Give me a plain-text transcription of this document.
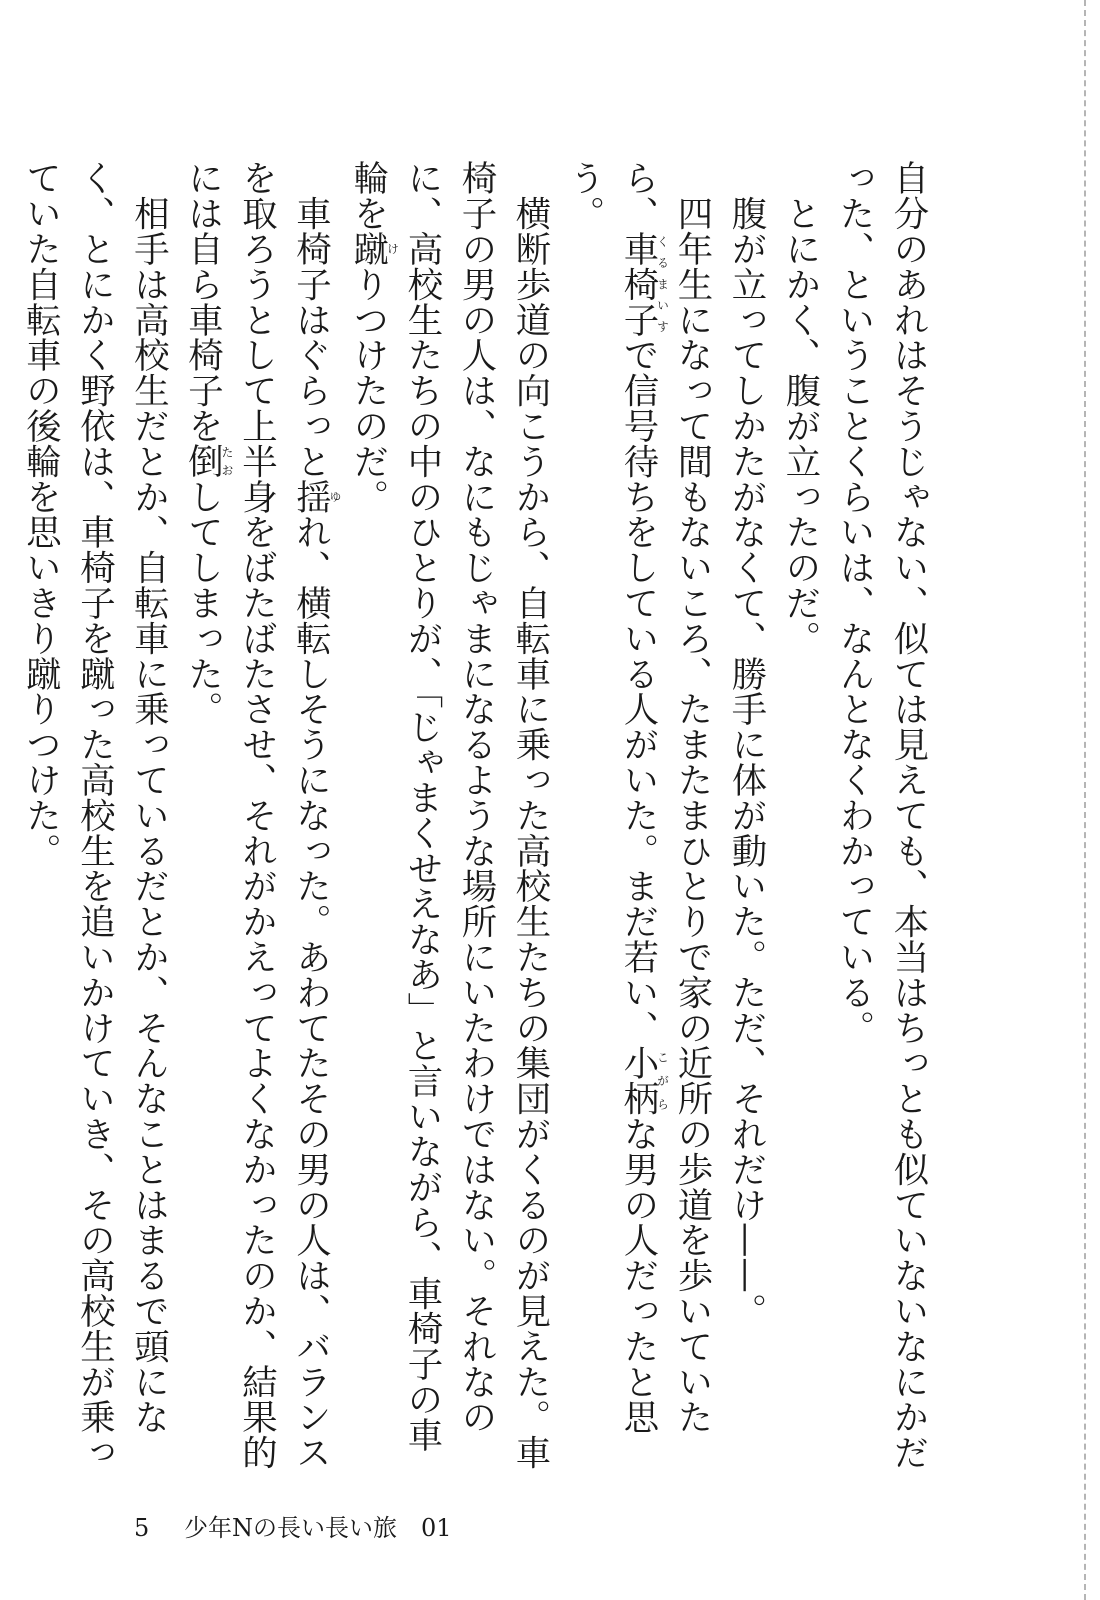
自分のあれはそうじゃない、似ては見えても、本当はちっとも似ていないなにかだった、ということくらいは、なんとなくわかっている。

　とにかく、腹が立ったのだ。

　腹が立ってしかたがなくて、勝手に体が動いた。ただ、それだけ——。

　四年生になって間もないころ、たまたまひとりで家の近所の歩道を歩いていたら、車椅子くるまいすで信号待ちをしている人がいた。まだ若い、小柄こがらな男の人だったと思う。

　横断歩道の向こうから、自転車に乗った高校生たちの集団がくるのが見えた。車椅子の男の人は、なにもじゃまになるような場所にいたわけではない。それなのに、高校生たちの中のひとりが、「じゃまくせえなあ」と言いながら、車椅子の車輪を蹴けりつけたのだ。

　車椅子はぐらっと揺ゆれ、横転しそうになった。あわてたその男の人は、バランスを取ろうとして上半身をばたばたさせ、それがかえってよくなかったのか、結果的には自ら車椅子を倒たおしてしまった。

　相手は高校生だとか、自転車に乗っているだとか、そんなことはまるで頭になく、とにかく野依は、車椅子を蹴った高校生を追いかけていき、その高校生が乗っていた自転車の後輪を思いきり蹴りつけた。

5 少年Nの長い長い旅　01
